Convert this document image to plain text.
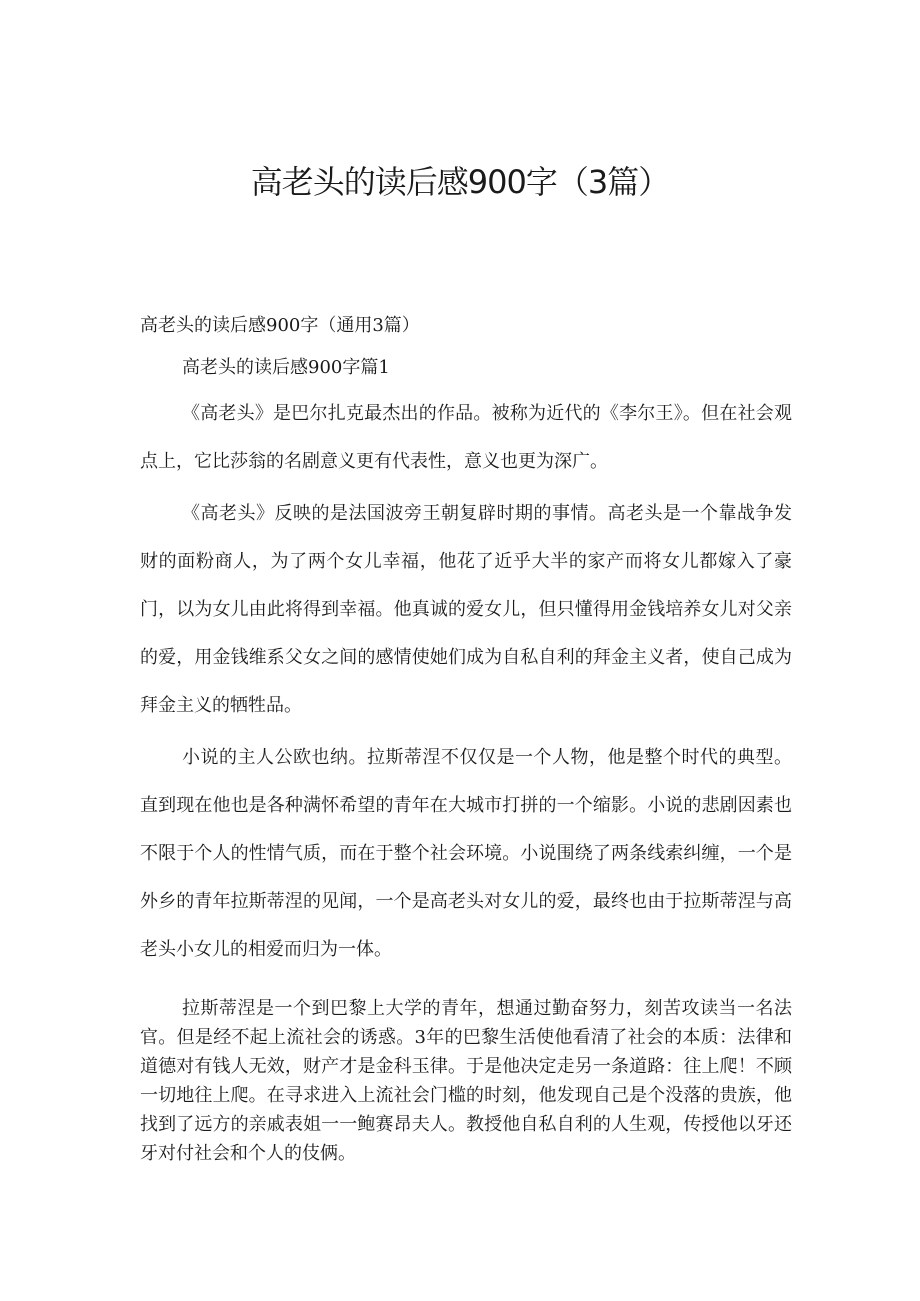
高老头的读后感900字（3篇）

高老头的读后感900字（通用3篇）

高老头的读后感900字篇1

《高老头》是巴尔扎克最杰出的作品。被称为近代的《李尔王》。但在社会观点上，它比莎翁的名剧意义更有代表性，意义也更为深广。

《高老头》反映的是法国波旁王朝复辟时期的事情。高老头是一个靠战争发财的面粉商人，为了两个女儿幸福，他花了近乎大半的家产而将女儿都嫁入了豪门，以为女儿由此将得到幸福。他真诚的爱女儿，但只懂得用金钱培养女儿对父亲的爱，用金钱维系父女之间的感情使她们成为自私自利的拜金主义者，使自己成为拜金主义的牺牲品。

小说的主人公欧也纳。拉斯蒂涅不仅仅是一个人物，他是整个时代的典型。直到现在他也是各种满怀希望的青年在大城市打拼的一个缩影。小说的悲剧因素也不限于个人的性情气质，而在于整个社会环境。小说围绕了两条线索纠缠，一个是外乡的青年拉斯蒂涅的见闻，一个是高老头对女儿的爱，最终也由于拉斯蒂涅与高老头小女儿的相爱而归为一体。

拉斯蒂涅是一个到巴黎上大学的青年，想通过勤奋努力，刻苦攻读当一名法官。但是经不起上流社会的诱惑。3年的巴黎生活使他看清了社会的本质：法律和道德对有钱人无效，财产才是金科玉律。于是他决定走另一条道路：往上爬！不顾一切地往上爬。在寻求进入上流社会门槛的时刻，他发现自己是个没落的贵族，他找到了远方的亲戚表姐一一鲍赛昂夫人。教授他自私自利的人生观，传授他以牙还牙对付社会和个人的伎俩。
